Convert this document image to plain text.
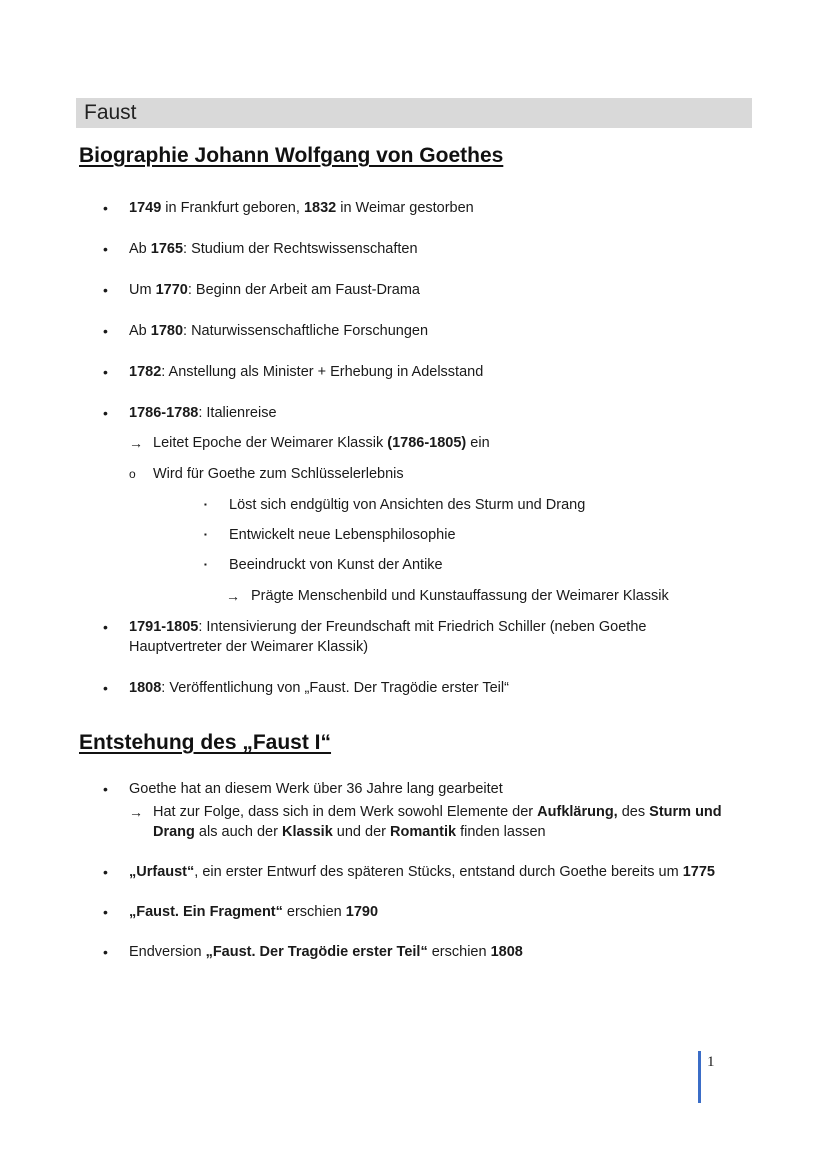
Faust
Biographie Johann Wolfgang von Goethes
• 1749 in Frankfurt geboren, 1832 in Weimar gestorben
• Ab 1765: Studium der Rechtswissenschaften
• Um 1770: Beginn der Arbeit am Faust-Drama
• Ab 1780: Naturwissenschaftliche Forschungen
• 1782: Anstellung als Minister + Erhebung in Adelsstand
• 1786-1788: Italienreise
→ Leitet Epoche der Weimarer Klassik (1786-1805) ein
o Wird für Goethe zum Schlüsselerlebnis
▪ Löst sich endgültig von Ansichten des Sturm und Drang
▪ Entwickelt neue Lebensphilosophie
▪ Beeindruckt von Kunst der Antike
→ Prägte Menschenbild und Kunstauffassung der Weimarer Klassik
• 1791-1805: Intensivierung der Freundschaft mit Friedrich Schiller (neben Goethe Hauptvertreter der Weimarer Klassik)
• 1808: Veröffentlichung von „Faust. Der Tragödie erster Teil“
Entstehung des „Faust I“
• Goethe hat an diesem Werk über 36 Jahre lang gearbeitet
→ Hat zur Folge, dass sich in dem Werk sowohl Elemente der Aufklärung, des Sturm und Drang als auch der Klassik und der Romantik finden lassen
• „Urfaust“, ein erster Entwurf des späteren Stücks, entstand durch Goethe bereits um 1775
• „Faust. Ein Fragment“ erschien 1790
• Endversion „Faust. Der Tragödie erster Teil“ erschien 1808
1
